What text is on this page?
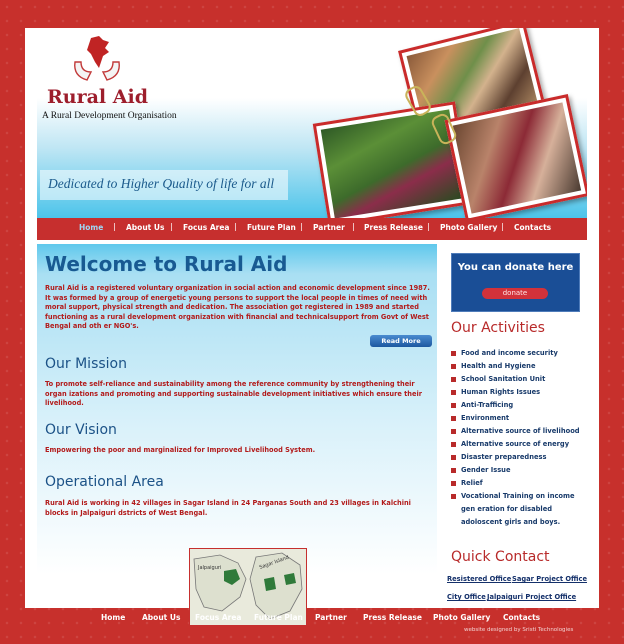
Rural Aid
A Rural Development Organisation
Dedicated to Higher Quality of life for all
Home | About Us | Focus Area | Future Plan | Partner | Press Release | Photo Gallery | Contacts
Welcome to Rural Aid
Rural Aid is a registered voluntary organization in social action and economic development since 1987. It was formed by a group of energetic young persons to support the local people in times of need with moral support, physical strength and dedication. The association got registered in 1989 and started functioning as a rural development organization with financial and technicalsupport from Govt of West Bengal and oth er NGO's.
Read More
Our Mission
To promote self-reliance and sustainability among the reference community by strengthening their organ izations and promoting and supporting sustainable development initiatives which ensure their livelihood.
Our Vision
Empowering the poor and marginalized for Improved Livelihood System.
Operational Area
Rural Aid is working in 42 villages in Sagar Island in 24 Parganas South and 23 villages in Kalchini blocks in Jalpaiguri dstricts of West Bengal.
Jalpaiguri	Sagar Island
You can donate here
donate
Our Activities
Food and income security
Health and Hygiene
School Sanitation Unit
Human Rights Issues
Anti-Trafficing
Environment
Alternative source of livelihood
Alternative source of energy
Disaster preparedness
Gender Issue
Relief
Vocational Training on income gen eration for disabled adoloscent girls and boys.
Quick Contact
Resistered Office Sagar Project Office
City Office Jalpaiguri Project Office
Home About Us Focus Area Future Plan Partner Press Release Photo Gallery Contacts
website designed by Sristi Technologies
